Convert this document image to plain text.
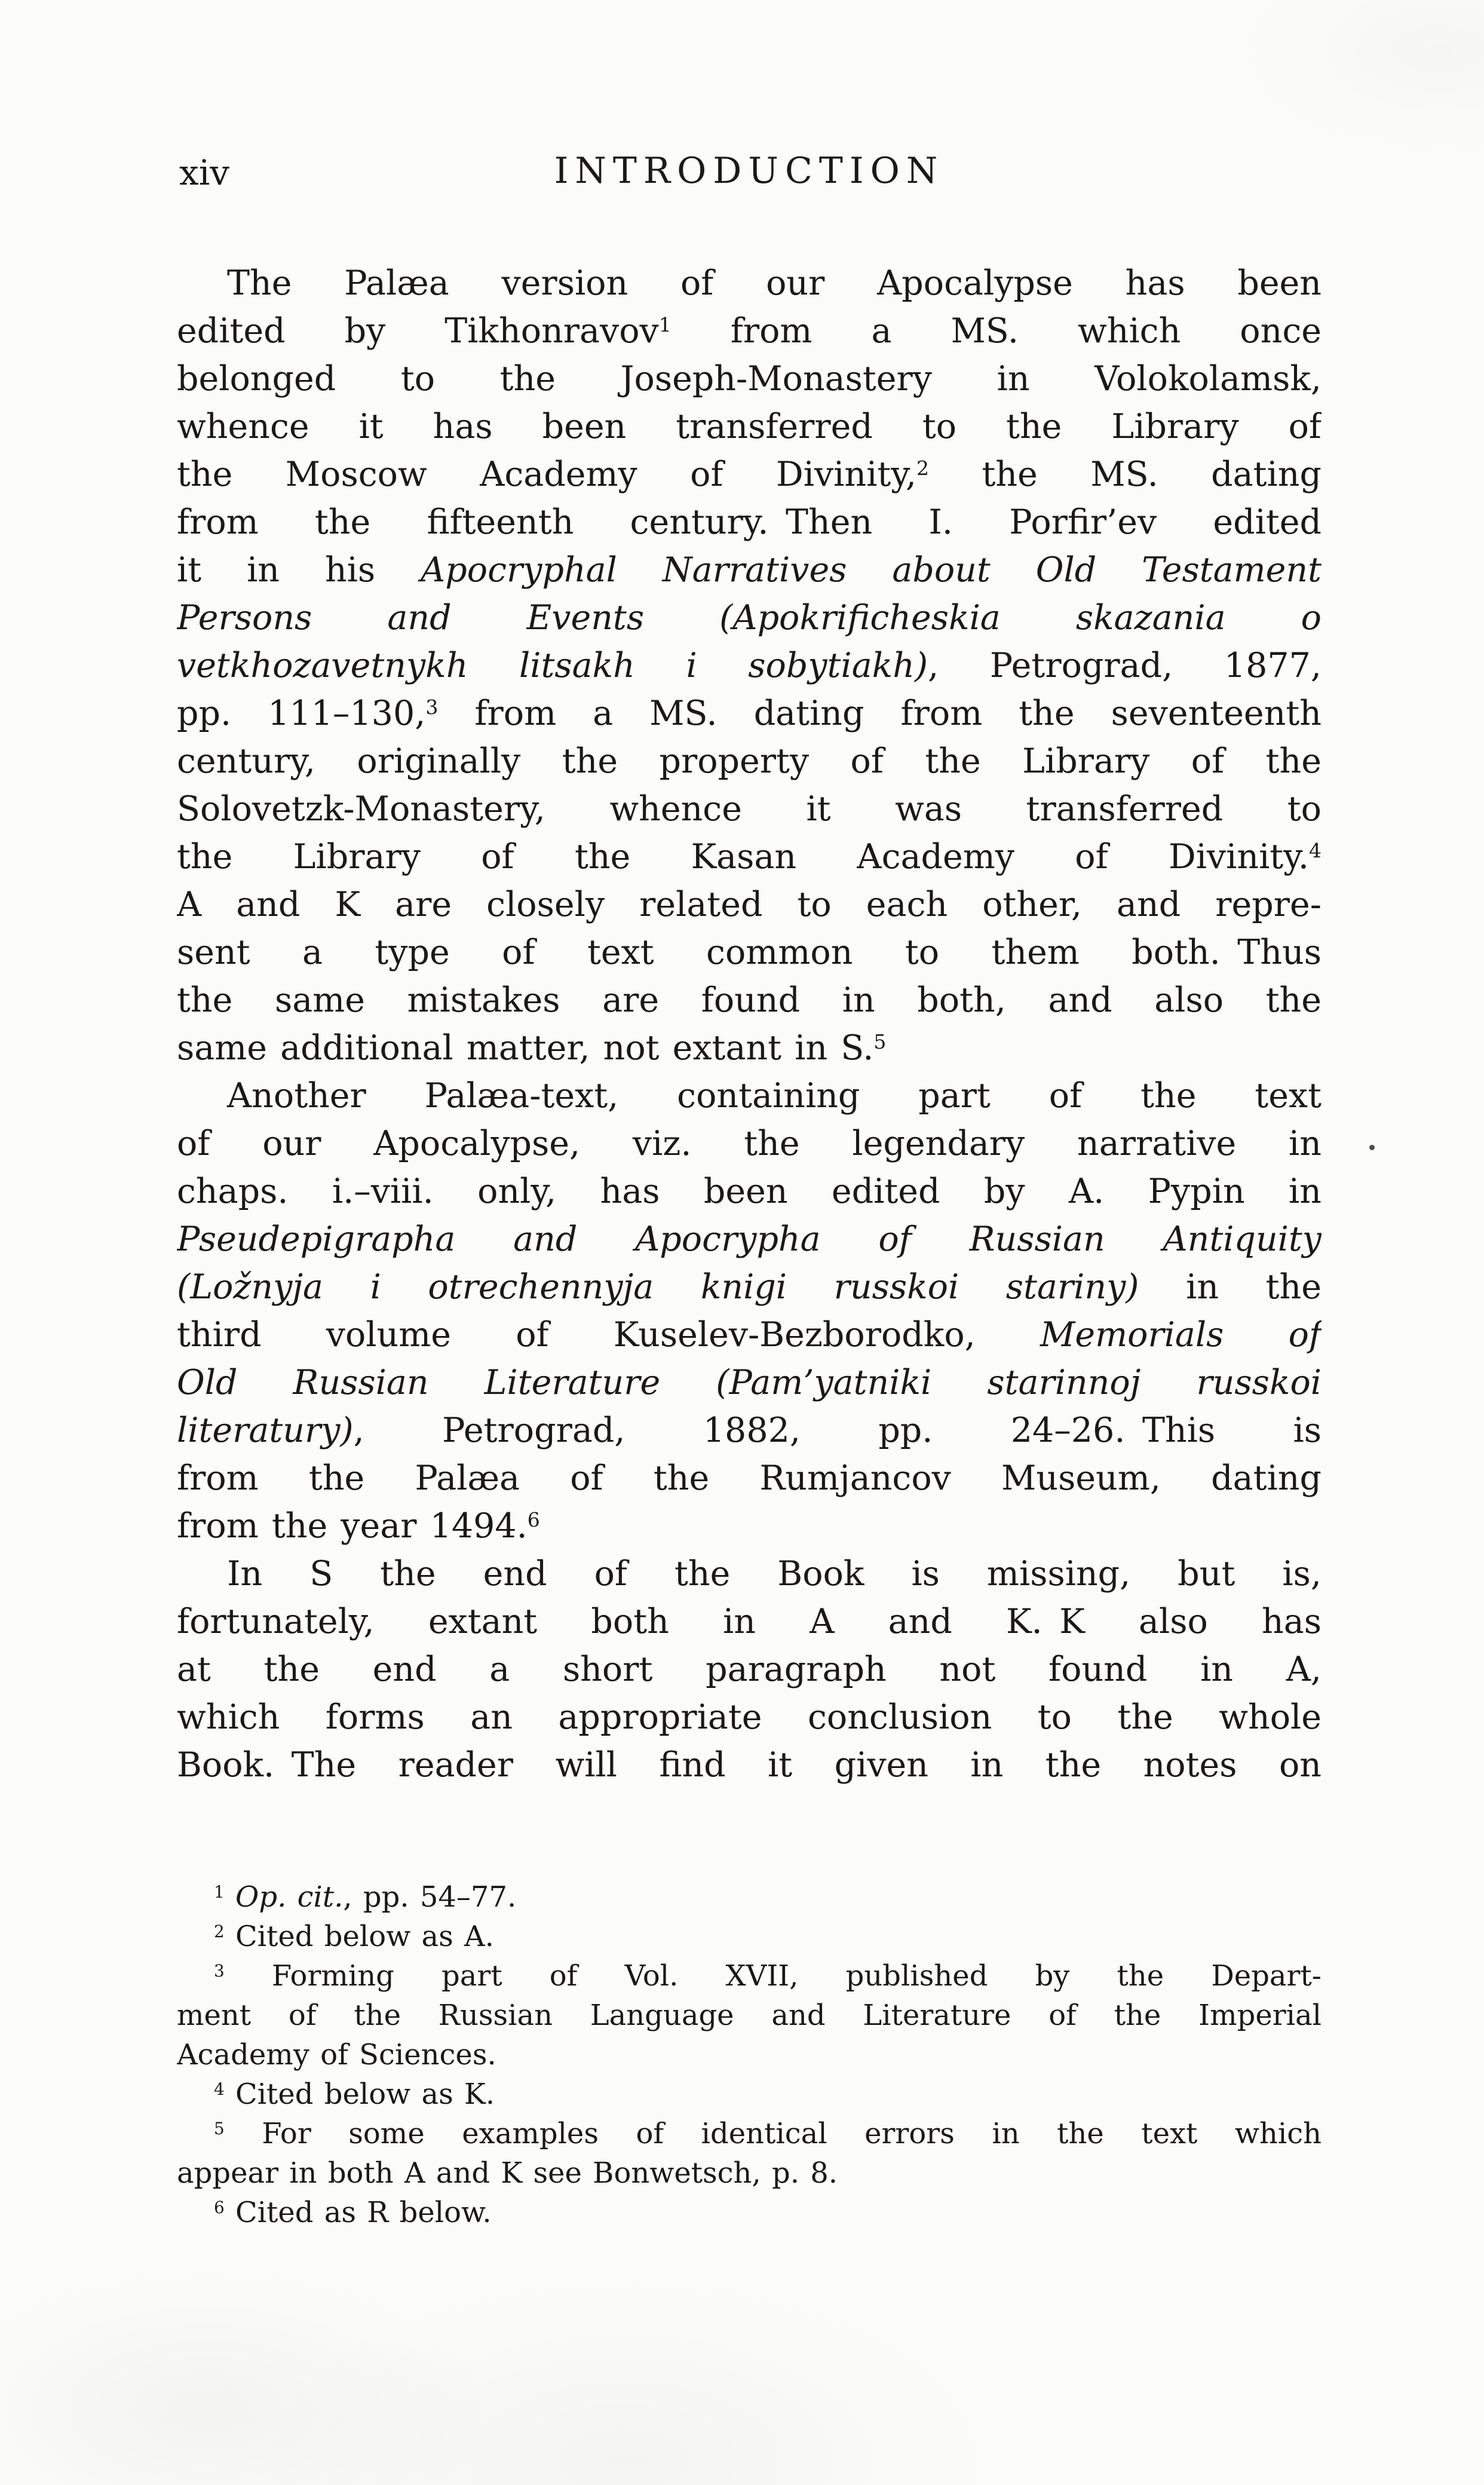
xiv	INTRODUCTION
The Palæa version of our Apocalypse has been
edited by Tikhonravov$^1$ from a MS. which once
belonged to the Joseph-Monastery in Volokolamsk,
whence it has been transferred to the Library of
the Moscow Academy of Divinity,$^2$ the MS. dating
from the fifteenth century. Then I. Porfir’ev edited
it in his Apocryphal Narratives about Old Testament
Persons and Events (Apokrificheskia skazania o
vetkhozavetnykh litsakh i sobytiakh), Petrograd, 1877,
pp. 111–130,$^3$ from a MS. dating from the seventeenth
century, originally the property of the Library of the
Solovetzk-Monastery, whence it was transferred to
the Library of the Kasan Academy of Divinity.$^4$
A and K are closely related to each other, and repre-
sent a type of text common to them both. Thus
the same mistakes are found in both, and also the
same additional matter, not extant in S.$^5$
Another Palæa-text, containing part of the text
of our Apocalypse, viz. the legendary narrative in
chaps. i.–viii. only, has been edited by A. Pypin in
Pseudepigrapha and Apocrypha of Russian Antiquity
(Ložnyja i otrechennyja knigi russkoi stariny) in the
third volume of Kuselev-Bezborodko, Memorials of
Old Russian Literature (Pam’yatniki starinnoj russkoi
literatury), Petrograd, 1882, pp. 24–26. This is
from the Palæa of the Rumjancov Museum, dating
from the year 1494.$^6$
In S the end of the Book is missing, but is,
fortunately, extant both in A and K. K also has
at the end a short paragraph not found in A,
which forms an appropriate conclusion to the whole
Book. The reader will find it given in the notes on
$^1$ Op. cit., pp. 54–77.
$^2$ Cited below as A.
$^3$ Forming part of Vol. XVII, published by the Depart-
ment of the Russian Language and Literature of the Imperial
Academy of Sciences.
$^4$ Cited below as K.
$^5$ For some examples of identical errors in the text which
appear in both A and K see Bonwetsch, p. 8.
$^6$ Cited as R below.
